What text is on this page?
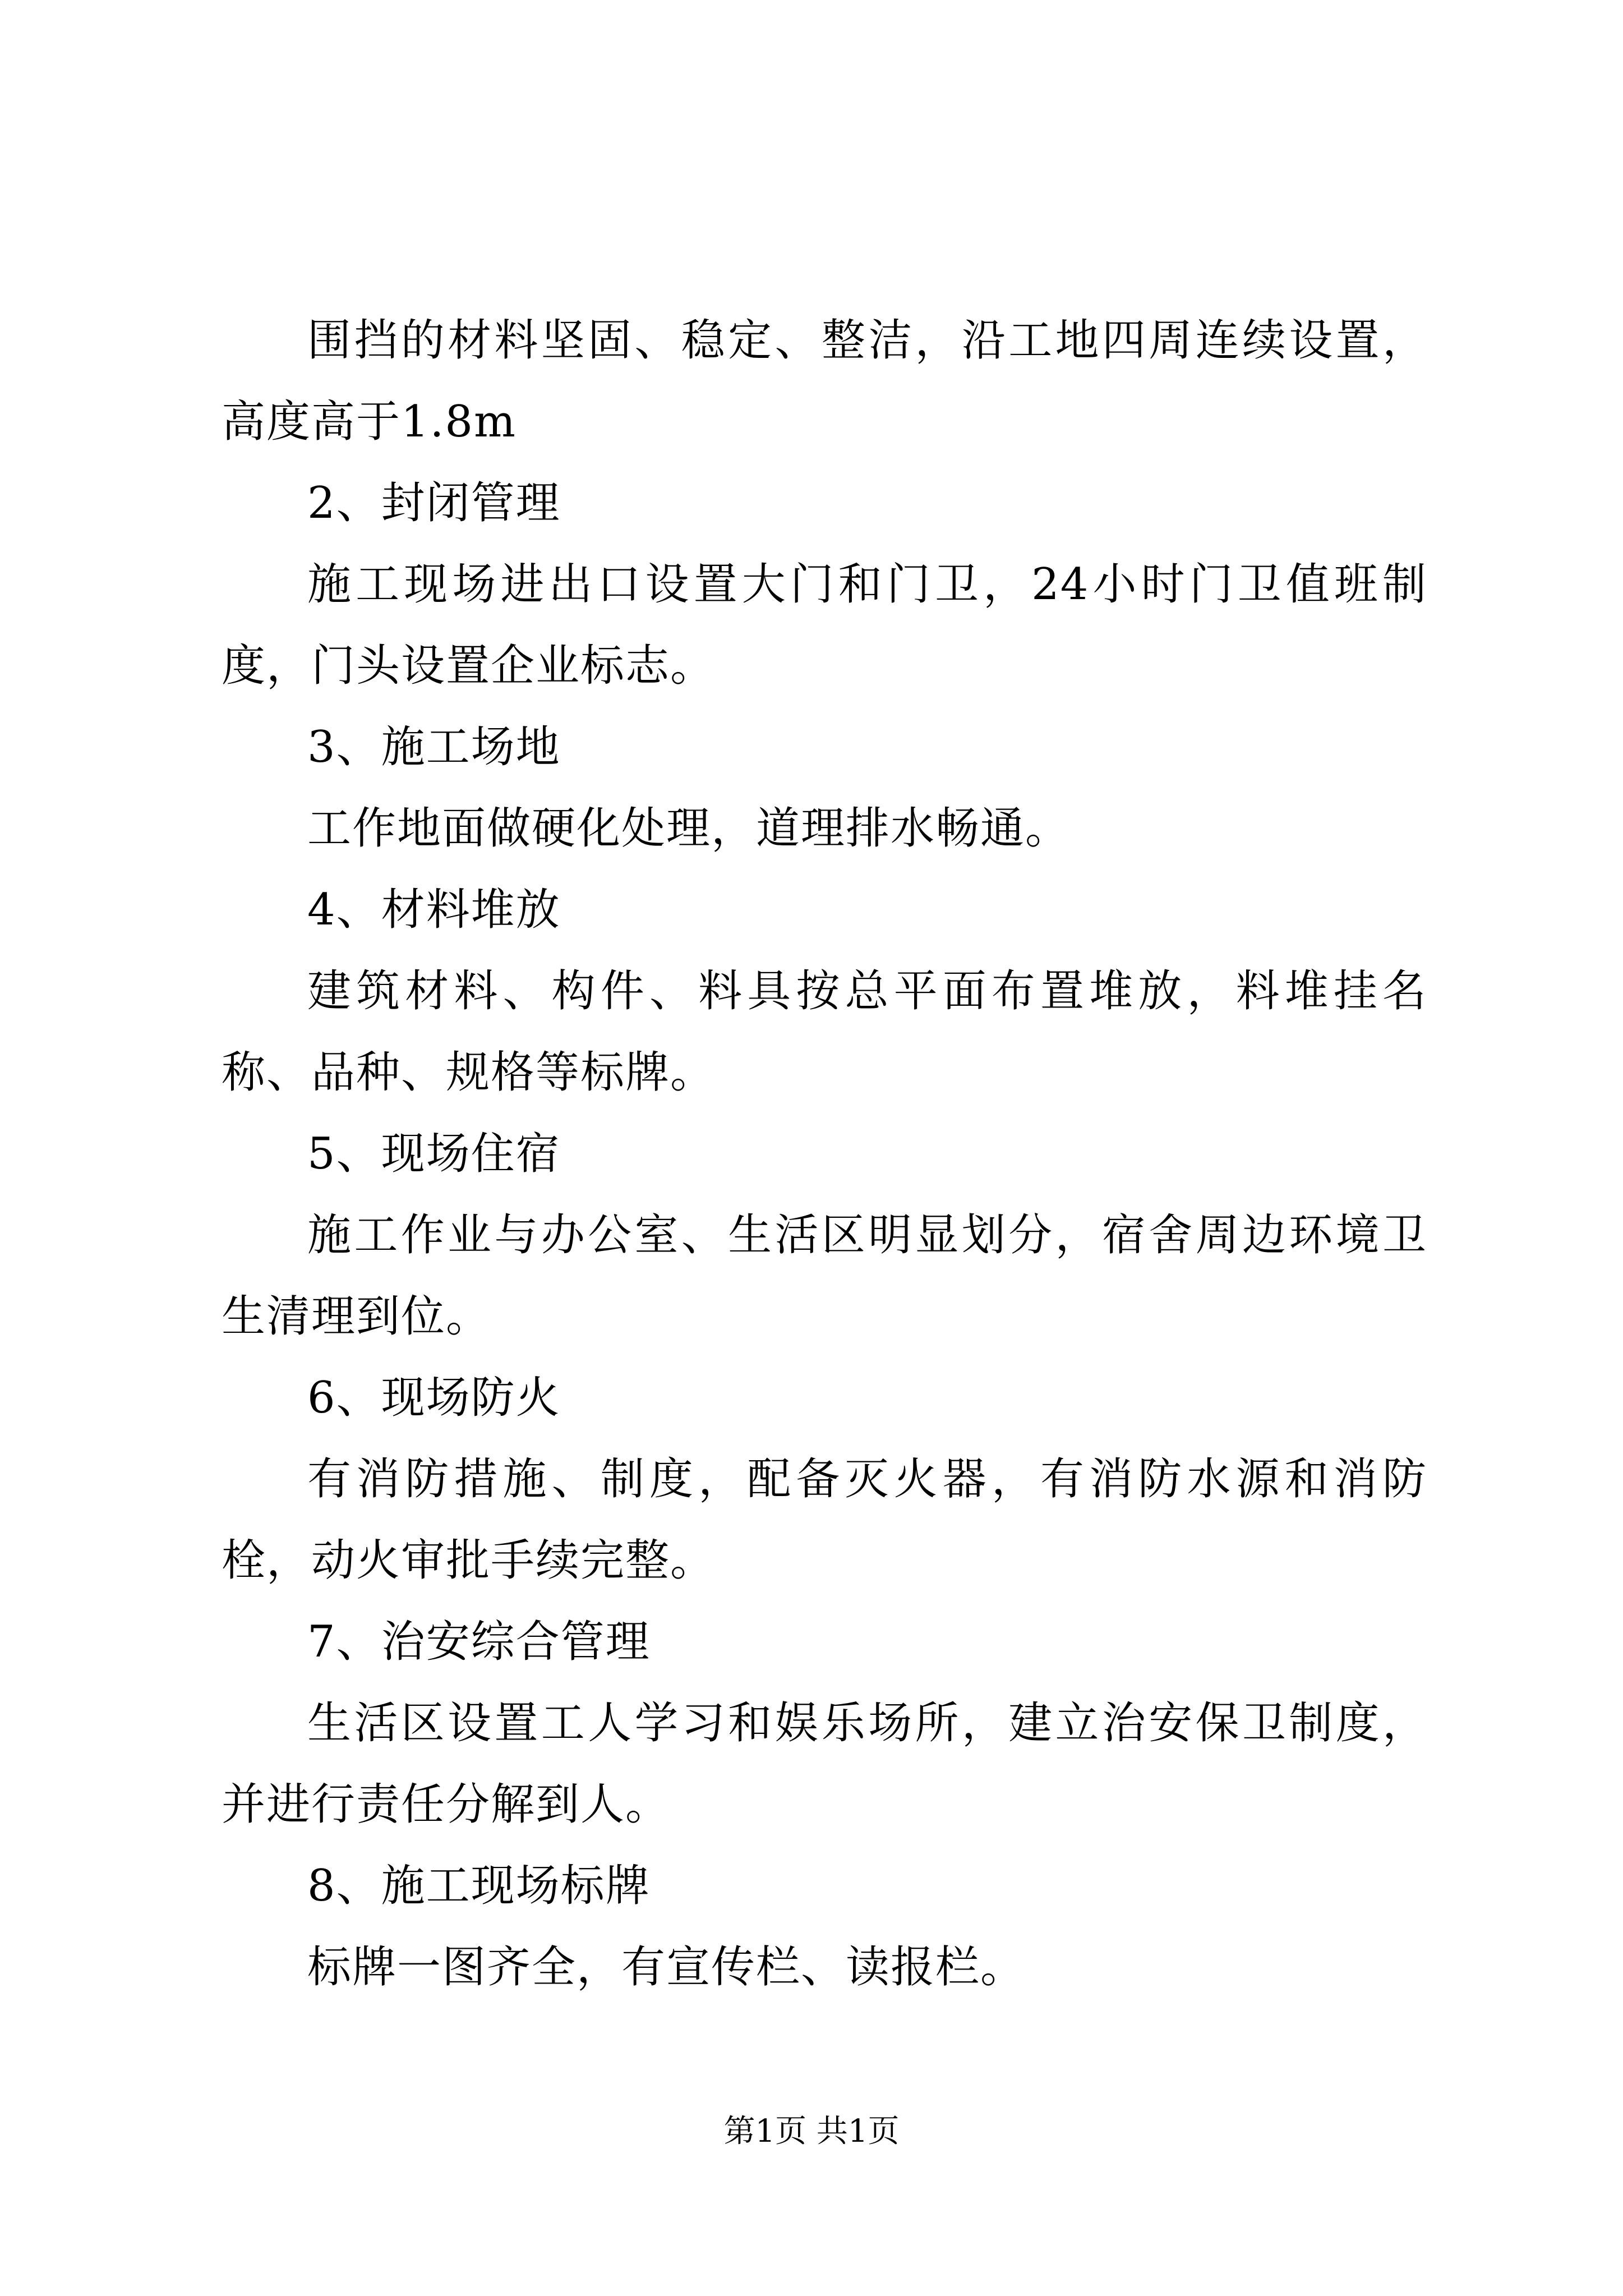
围挡的材料坚固、稳定、整洁，沿工地四周连续设置，高度高于1.8m

2、封闭管理

施工现场进出口设置大门和门卫，24小时门卫值班制度，门头设置企业标志。

3、施工场地

工作地面做硬化处理，道理排水畅通。

4、材料堆放

建筑材料、构件、料具按总平面布置堆放，料堆挂名称、品种、规格等标牌。

5、现场住宿

施工作业与办公室、生活区明显划分，宿舍周边环境卫生清理到位。

6、现场防火

有消防措施、制度，配备灭火器，有消防水源和消防栓，动火审批手续完整。

7、治安综合管理

生活区设置工人学习和娱乐场所，建立治安保卫制度，并进行责任分解到人。

8、施工现场标牌

标牌一图齐全，有宣传栏、读报栏。

第1页 共1页
